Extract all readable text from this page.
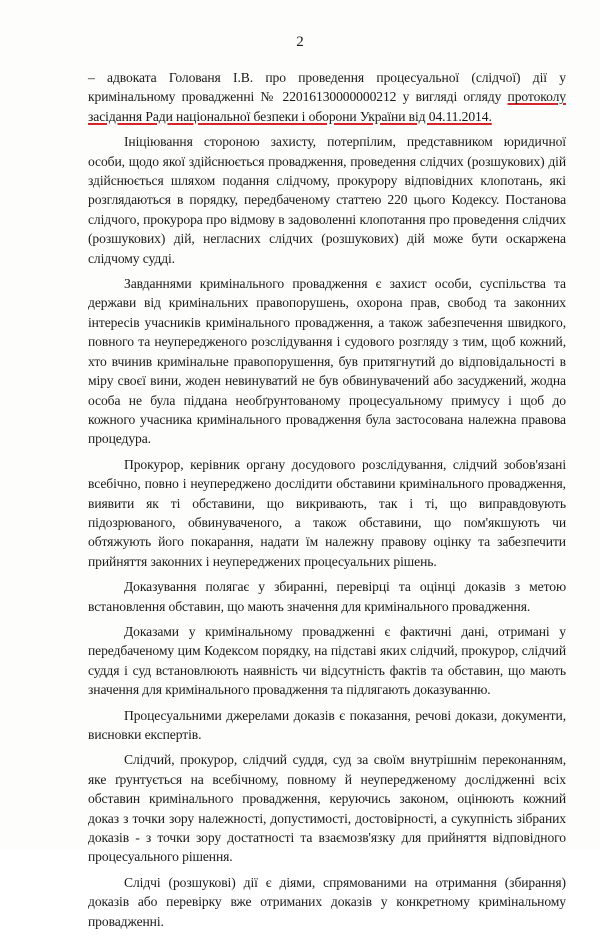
2

– адвоката Голованя І.В. про проведення процесуальної (слідчої) дії у кримінальному провадженні № 22016130000000212 у вигляді огляду протоколу засідання Ради національної безпеки і оборони України від 04.11.2014.

Ініціювання стороною захисту, потерпілим, представником юридичної особи, щодо якої здійснюється провадження, проведення слідчих (розшукових) дій здійснюється шляхом подання слідчому, прокурору відповідних клопотань, які розглядаються в порядку, передбаченому статтею 220 цього Кодексу. Постанова слідчого, прокурора про відмову в задоволенні клопотання про проведення слідчих (розшукових) дій, негласних слідчих (розшукових) дій може бути оскаржена слідчому судді.

Завданнями кримінального провадження є захист особи, суспільства та держави від кримінальних правопорушень, охорона прав, свобод та законних інтересів учасників кримінального провадження, а також забезпечення швидкого, повного та неупередженого розслідування і судового розгляду з тим, щоб кожний, хто вчинив кримінальне правопорушення, був притягнутий до відповідальності в міру своєї вини, жоден невинуватий не був обвинувачений або засуджений, жодна особа не була піддана необґрунтованому процесуальному примусу і щоб до кожного учасника кримінального провадження була застосована належна правова процедура.

Прокурор, керівник органу досудового розслідування, слідчий зобов'язані всебічно, повно і неупереджено дослідити обставини кримінального провадження, виявити як ті обставини, що викривають, так і ті, що виправдовують підозрюваного, обвинуваченого, а також обставини, що пом'якшують чи обтяжують його покарання, надати їм належну правову оцінку та забезпечити прийняття законних і неупереджених процесуальних рішень.

Доказування полягає у збиранні, перевірці та оцінці доказів з метою встановлення обставин, що мають значення для кримінального провадження.

Доказами у кримінальному провадженні є фактичні дані, отримані у передбаченому цим Кодексом порядку, на підставі яких слідчий, прокурор, слідчий суддя і суд встановлюють наявність чи відсутність фактів та обставин, що мають значення для кримінального провадження та підлягають доказуванню.

Процесуальними джерелами доказів є показання, речові докази, документи, висновки експертів.

Слідчий, прокурор, слідчий суддя, суд за своїм внутрішнім переконанням, яке ґрунтується на всебічному, повному й неупередженому дослідженні всіх обставин кримінального провадження, керуючись законом, оцінюють кожний доказ з точки зору належності, допустимості, достовірності, а сукупність зібраних доказів - з точки зору достатності та взаємозв'язку для прийняття відповідного процесуального рішення.

Слідчі (розшукові) дії є діями, спрямованими на отримання (збирання) доказів або перевірку вже отриманих доказів у конкретному кримінальному провадженні.
